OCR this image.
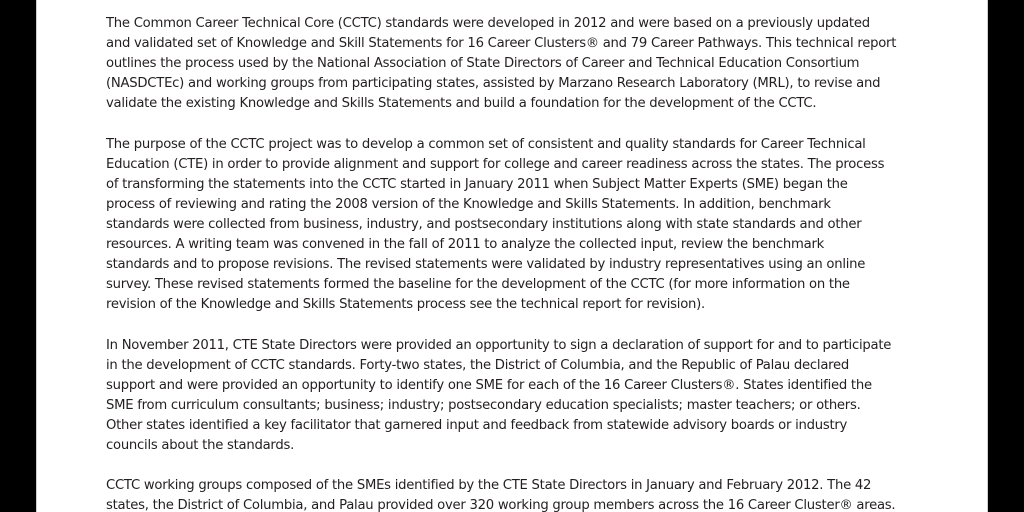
The Common Career Technical Core (CCTC) standards were developed in 2012 and were based on a previously updated
and validated set of Knowledge and Skill Statements for 16 Career Clusters® and 79 Career Pathways. This technical report
outlines the process used by the National Association of State Directors of Career and Technical Education Consortium
(NASDCTEc) and working groups from participating states, assisted by Marzano Research Laboratory (MRL), to revise and
validate the existing Knowledge and Skills Statements and build a foundation for the development of the CCTC.

The purpose of the CCTC project was to develop a common set of consistent and quality standards for Career Technical
Education (CTE) in order to provide alignment and support for college and career readiness across the states. The process
of transforming the statements into the CCTC started in January 2011 when Subject Matter Experts (SME) began the
process of reviewing and rating the 2008 version of the Knowledge and Skills Statements. In addition, benchmark
standards were collected from business, industry, and postsecondary institutions along with state standards and other
resources. A writing team was convened in the fall of 2011 to analyze the collected input, review the benchmark
standards and to propose revisions. The revised statements were validated by industry representatives using an online
survey. These revised statements formed the baseline for the development of the CCTC (for more information on the
revision of the Knowledge and Skills Statements process see the technical report for revision).

In November 2011, CTE State Directors were provided an opportunity to sign a declaration of support for and to participate
in the development of CCTC standards. Forty-two states, the District of Columbia, and the Republic of Palau declared
support and were provided an opportunity to identify one SME for each of the 16 Career Clusters®. States identified the
SME from curriculum consultants; business; industry; postsecondary education specialists; master teachers; or others.
Other states identified a key facilitator that garnered input and feedback from statewide advisory boards or industry
councils about the standards.

CCTC working groups composed of the SMEs identified by the CTE State Directors in January and February 2012. The 42
states, the District of Columbia, and Palau provided over 320 working group members across the 16 Career Cluster® areas.
